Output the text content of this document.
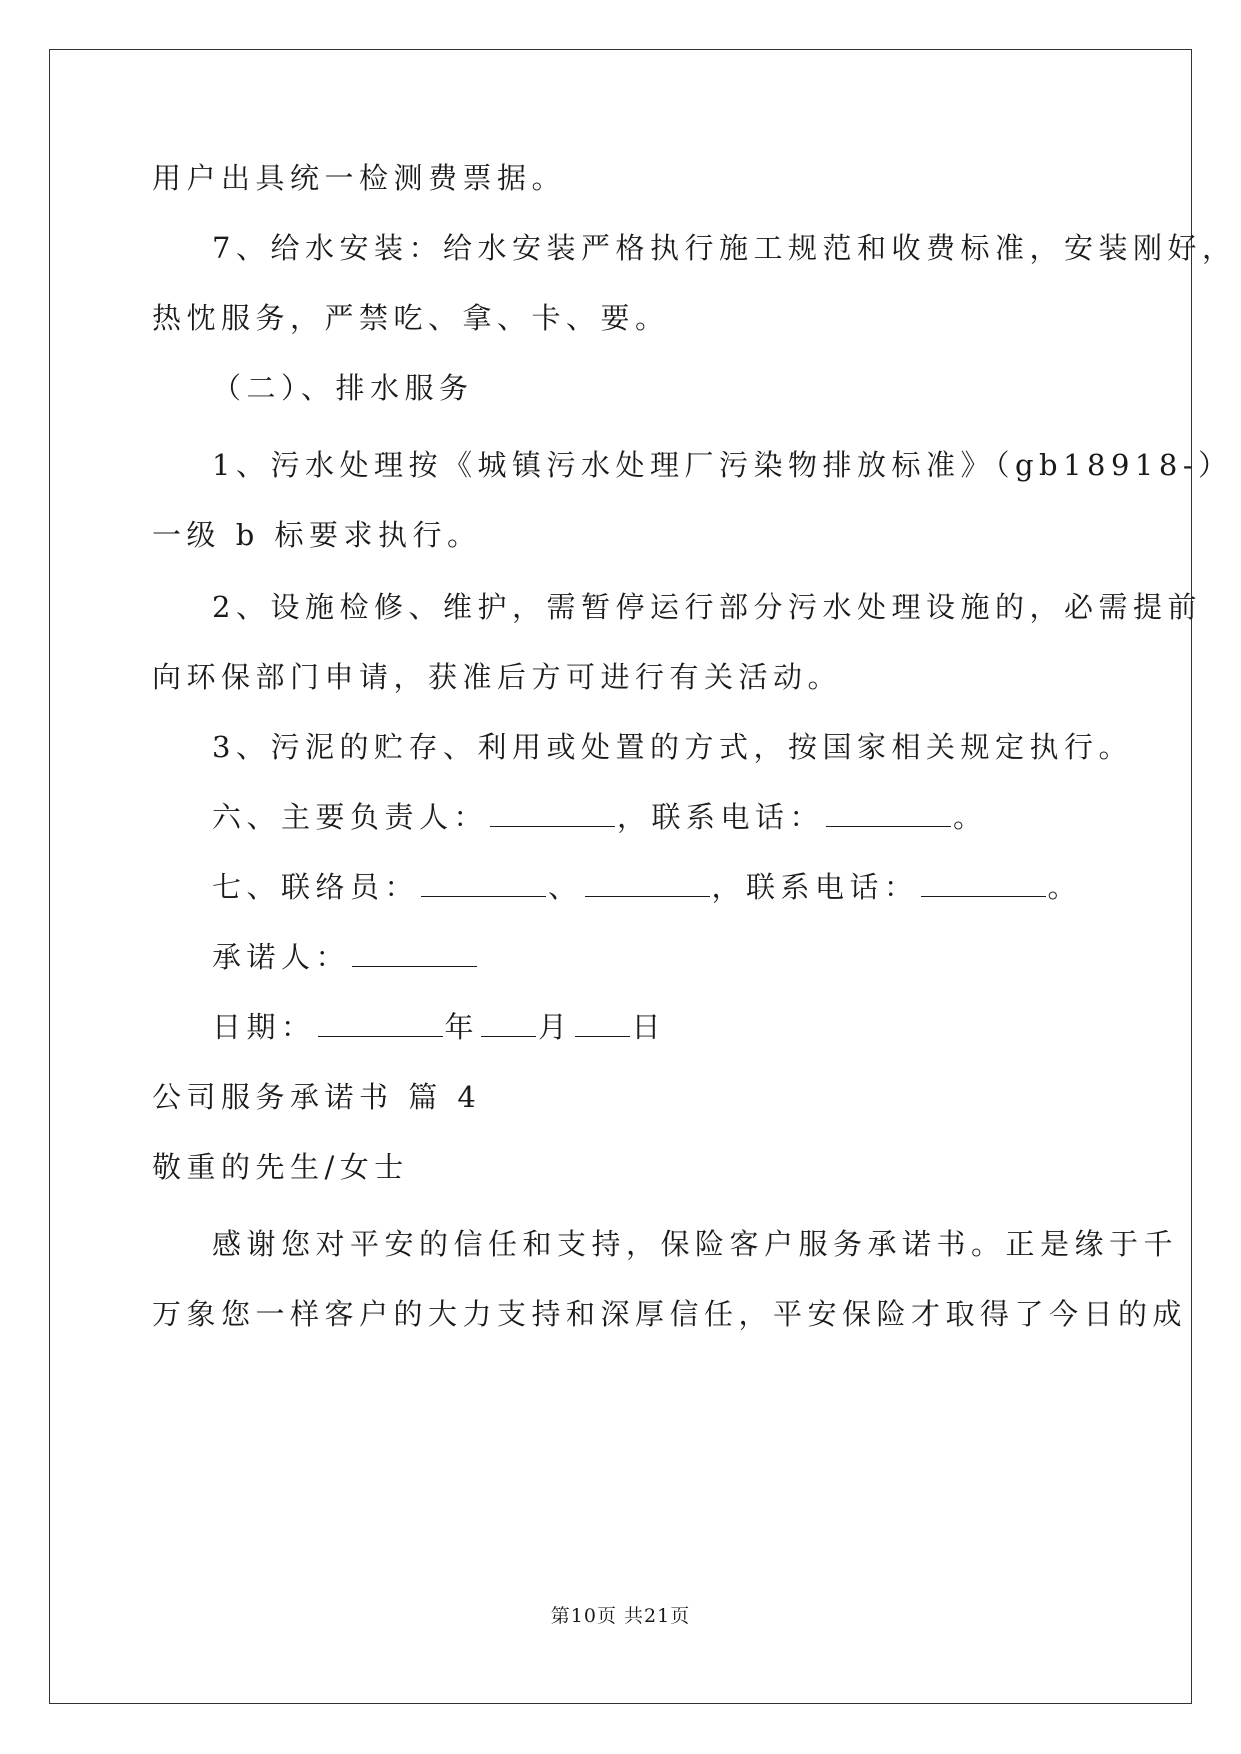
用户出具统一检测费票据。
7、给水安装：给水安装严格执行施工规范和收费标准，安装刚好，
热忱服务，严禁吃、拿、卡、要。
（二）、排水服务
1、污水处理按《城镇污水处理厂污染物排放标准》（gb18918-）
一级 b 标要求执行。
2、设施检修、维护，需暂停运行部分污水处理设施的，必需提前
向环保部门申请，获准后方可进行有关活动。
3、污泥的贮存、利用或处置的方式，按国家相关规定执行。
六、主要负责人：	，联系电话：	。
七、联络员：	、	，联系电话：	。
承诺人：
日期：	年 月 日
公司服务承诺书 篇 4
敬重的先生/女士
感谢您对平安的信任和支持，保险客户服务承诺书。正是缘于千
万象您一样客户的大力支持和深厚信任，平安保险才取得了今日的成
第10页 共21页
